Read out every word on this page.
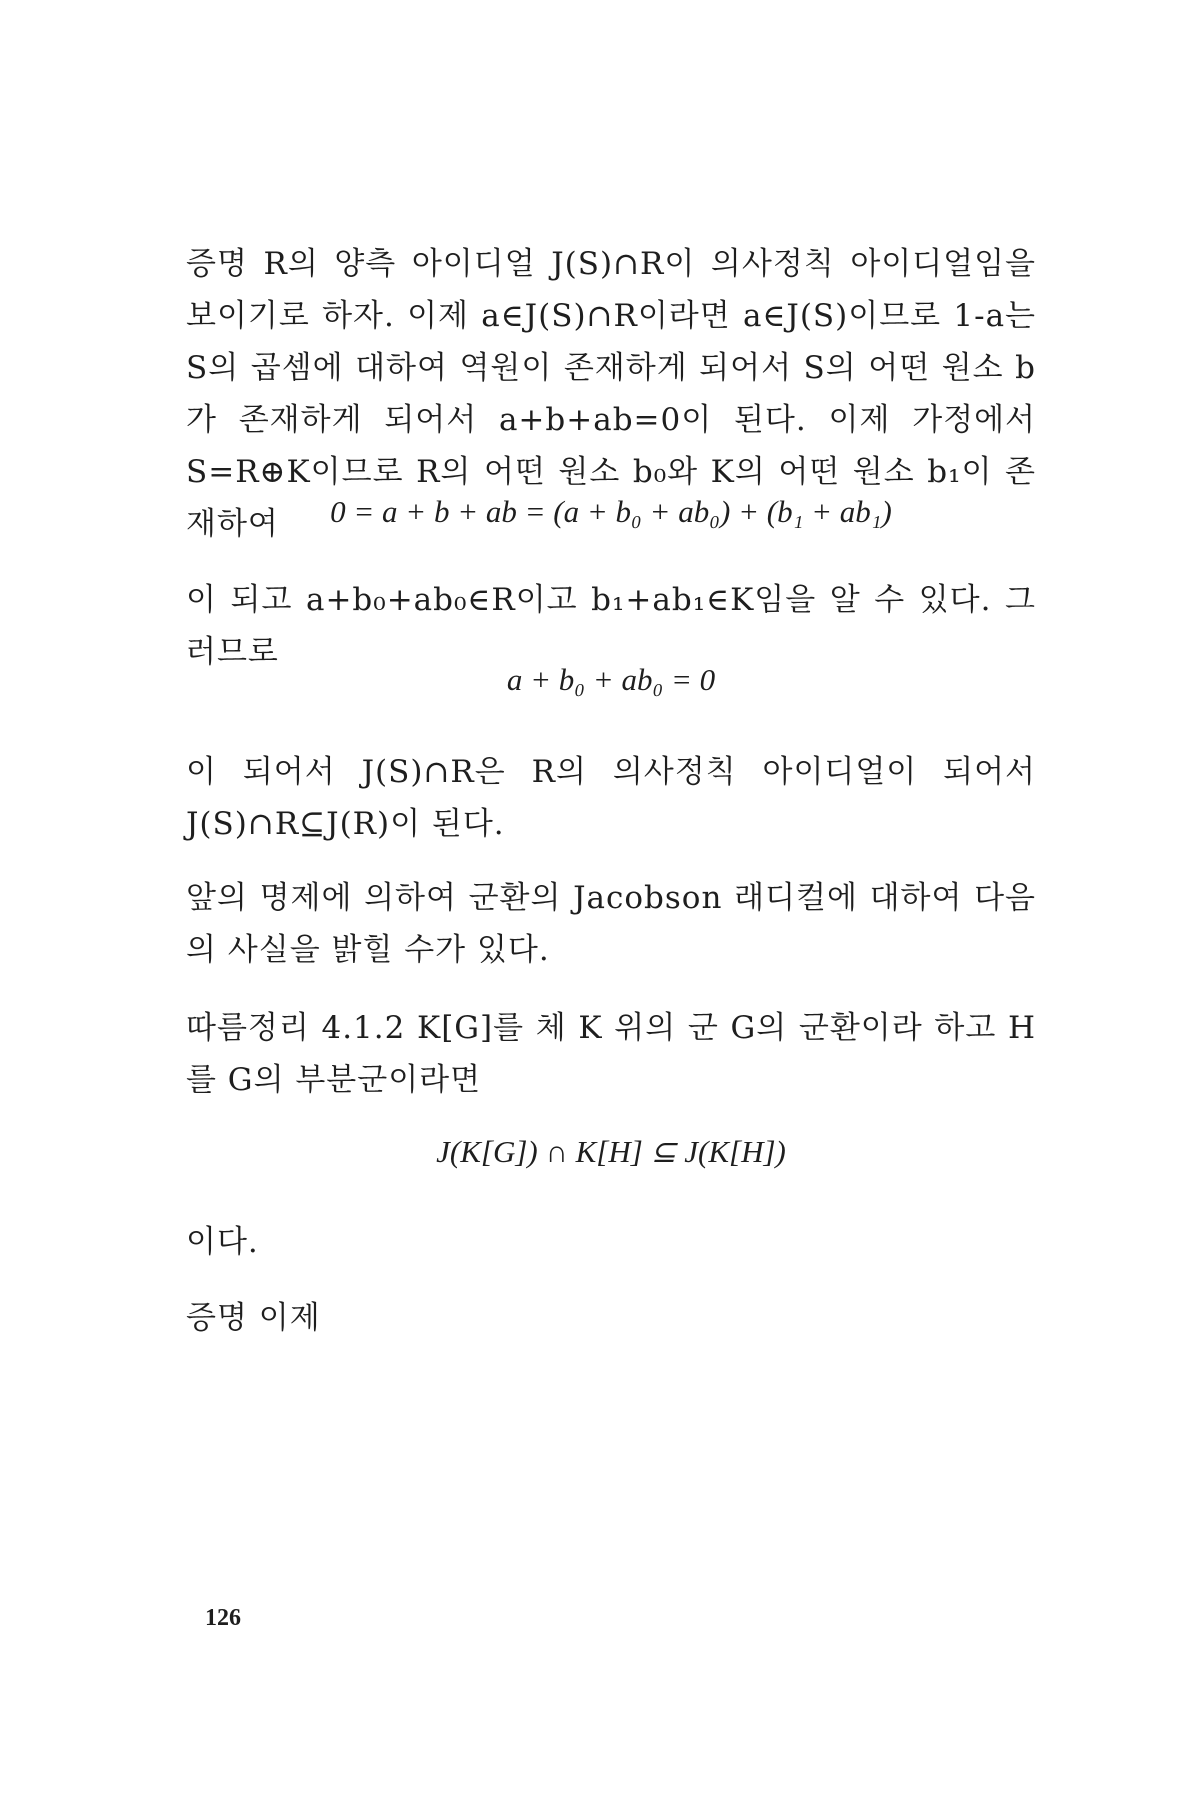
증명 R의 양측 아이디얼 J(S)∩R이 의사정칙 아이디얼임을 보이기로 하자. 이제 a∈J(S)∩R이라면 a∈J(S)이므로 1-a는 S의 곱셈에 대하여 역원이 존재하게 되어서 S의 어떤 원소 b가 존재하게 되어서 a+b+ab=0이 된다. 이제 가정에서 S=R⊕K이므로 R의 어떤 원소 b₀와 K의 어떤 원소 b₁이 존재하여	0 = a + b + ab = (a + b₀ + ab₀) + (b₁ + ab₁)

이 되고 a+b₀+ab₀∈R이고 b₁+ab₁∈K임을 알 수 있다. 그러므로

a + b₀ + ab₀ = 0

이 되어서 J(S)∩R은 R의 의사정칙 아이디얼이 되어서 J(S)∩R⊆J(R)이 된다.

앞의 명제에 의하여 군환의 Jacobson 래디컬에 대하여 다음의 사실을 밝힐 수가 있다.

따름정리 4.1.2 K[G]를 체 K 위의 군 G의 군환이라 하고 H를 G의 부분군이라면

J(K[G]) ∩ K[H] ⊆ J(K[H])

이다.

증명 이제

126
